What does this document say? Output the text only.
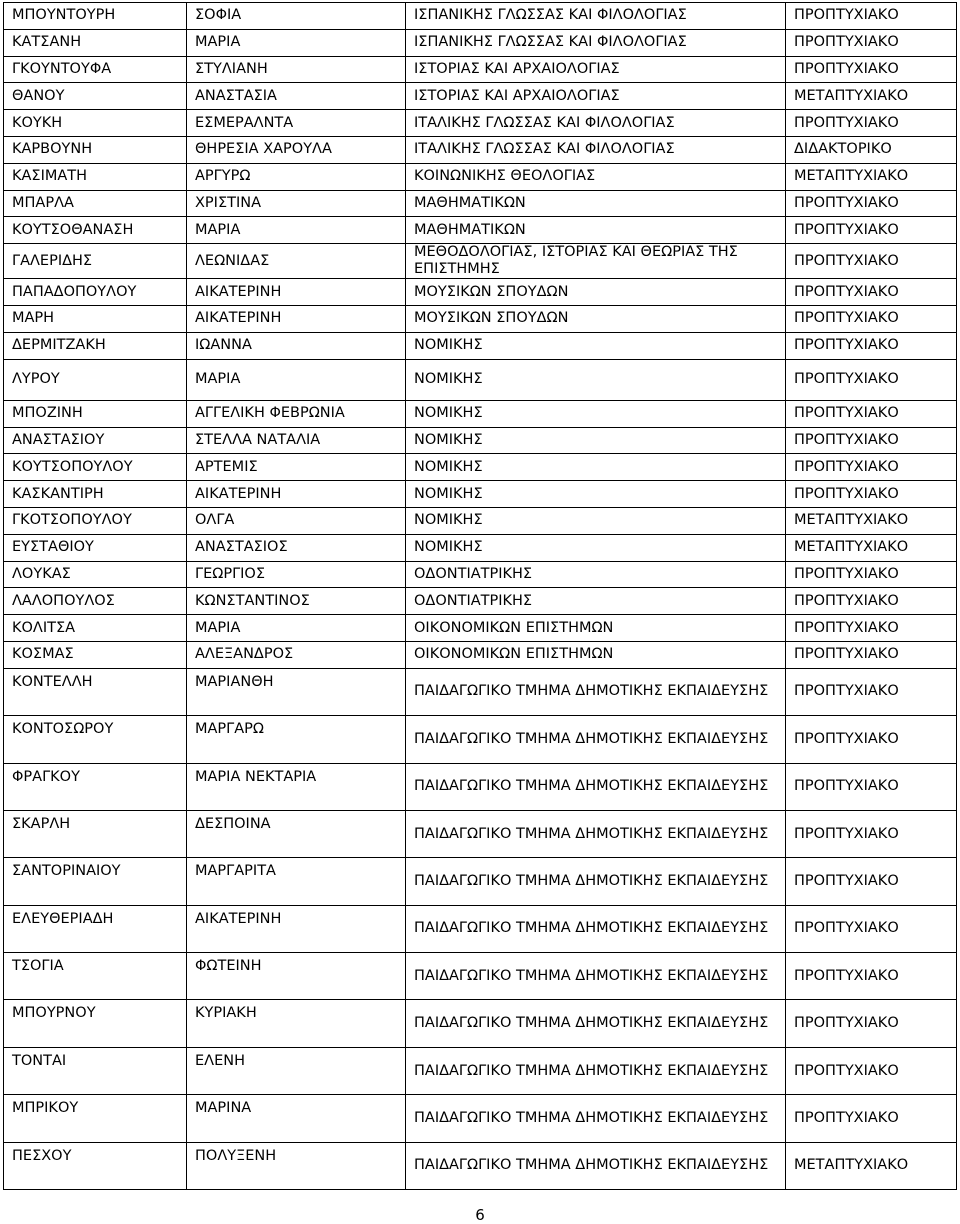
ΜΠΟΥΝΤΟΥΡΗ	ΣΟΦΙΑ	ΙΣΠΑΝΙΚΗΣ ΓΛΩΣΣΑΣ ΚΑΙ ΦΙΛΟΛΟΓΙΑΣ	ΠΡΟΠΤΥΧΙΑΚΟ
ΚΑΤΣΑΝΗ	ΜΑΡΙΑ	ΙΣΠΑΝΙΚΗΣ ΓΛΩΣΣΑΣ ΚΑΙ ΦΙΛΟΛΟΓΙΑΣ	ΠΡΟΠΤΥΧΙΑΚΟ
ΓΚΟΥΝΤΟΥΦΑ	ΣΤΥΛΙΑΝΗ	ΙΣΤΟΡΙΑΣ ΚΑΙ ΑΡΧΑΙΟΛΟΓΙΑΣ	ΠΡΟΠΤΥΧΙΑΚΟ
ΘΑΝΟΥ	ΑΝΑΣΤΑΣΙΑ	ΙΣΤΟΡΙΑΣ ΚΑΙ ΑΡΧΑΙΟΛΟΓΙΑΣ	ΜΕΤΑΠΤΥΧΙΑΚΟ
ΚΟΥΚΗ	ΕΣΜΕΡΑΛΝΤΑ	ΙΤΑΛΙΚΗΣ ΓΛΩΣΣΑΣ ΚΑΙ ΦΙΛΟΛΟΓΙΑΣ	ΠΡΟΠΤΥΧΙΑΚΟ
ΚΑΡΒΟΥΝΗ	ΘΗΡΕΣΙΑ ΧΑΡΟΥΛΑ	ΙΤΑΛΙΚΗΣ ΓΛΩΣΣΑΣ ΚΑΙ ΦΙΛΟΛΟΓΙΑΣ	ΔΙΔΑΚΤΟΡΙΚΟ
ΚΑΣΙΜΑΤΗ	ΑΡΓΥΡΩ	ΚΟΙΝΩΝΙΚΗΣ ΘΕΟΛΟΓΙΑΣ	ΜΕΤΑΠΤΥΧΙΑΚΟ
ΜΠΑΡΛΑ	ΧΡΙΣΤΙΝΑ	ΜΑΘΗΜΑΤΙΚΩΝ	ΠΡΟΠΤΥΧΙΑΚΟ
ΚΟΥΤΣΟΘΑΝΑΣΗ	ΜΑΡΙΑ	ΜΑΘΗΜΑΤΙΚΩΝ	ΠΡΟΠΤΥΧΙΑΚΟ
ΓΑΛΕΡΙΔΗΣ	ΛΕΩΝΙΔΑΣ	ΜΕΘΟΔΟΛΟΓΙΑΣ, ΙΣΤΟΡΙΑΣ ΚΑΙ ΘΕΩΡΙΑΣ ΤΗΣ ΕΠΙΣΤΗΜΗΣ	ΠΡΟΠΤΥΧΙΑΚΟ
ΠΑΠΑΔΟΠΟΥΛΟΥ	ΑΙΚΑΤΕΡΙΝΗ	ΜΟΥΣΙΚΩΝ ΣΠΟΥΔΩΝ	ΠΡΟΠΤΥΧΙΑΚΟ
ΜΑΡΗ	ΑΙΚΑΤΕΡΙΝΗ	ΜΟΥΣΙΚΩΝ ΣΠΟΥΔΩΝ	ΠΡΟΠΤΥΧΙΑΚΟ
ΔΕΡΜΙΤΖΑΚΗ	ΙΩΑΝΝΑ	ΝΟΜΙΚΗΣ	ΠΡΟΠΤΥΧΙΑΚΟ
ΛΥΡΟΥ	ΜΑΡΙΑ	ΝΟΜΙΚΗΣ	ΠΡΟΠΤΥΧΙΑΚΟ
ΜΠΟΖΙΝΗ	ΑΓΓΕΛΙΚΗ ΦΕΒΡΩΝΙΑ	ΝΟΜΙΚΗΣ	ΠΡΟΠΤΥΧΙΑΚΟ
ΑΝΑΣΤΑΣΙΟΥ	ΣΤΕΛΛΑ ΝΑΤΑΛΙΑ	ΝΟΜΙΚΗΣ	ΠΡΟΠΤΥΧΙΑΚΟ
ΚΟΥΤΣΟΠΟΥΛΟΥ	ΑΡΤΕΜΙΣ	ΝΟΜΙΚΗΣ	ΠΡΟΠΤΥΧΙΑΚΟ
ΚΑΣΚΑΝΤΙΡΗ	ΑΙΚΑΤΕΡΙΝΗ	ΝΟΜΙΚΗΣ	ΠΡΟΠΤΥΧΙΑΚΟ
ΓΚΟΤΣΟΠΟΥΛΟΥ	ΟΛΓΑ	ΝΟΜΙΚΗΣ	ΜΕΤΑΠΤΥΧΙΑΚΟ
ΕΥΣΤΑΘΙΟΥ	ΑΝΑΣΤΑΣΙΟΣ	ΝΟΜΙΚΗΣ	ΜΕΤΑΠΤΥΧΙΑΚΟ
ΛΟΥΚΑΣ	ΓΕΩΡΓΙΟΣ	ΟΔΟΝΤΙΑΤΡΙΚΗΣ	ΠΡΟΠΤΥΧΙΑΚΟ
ΛΑΛΟΠΟΥΛΟΣ	ΚΩΝΣΤΑΝΤΙΝΟΣ	ΟΔΟΝΤΙΑΤΡΙΚΗΣ	ΠΡΟΠΤΥΧΙΑΚΟ
ΚΟΛΙΤΣΑ	ΜΑΡΙΑ	ΟΙΚΟΝΟΜΙΚΩΝ ΕΠΙΣΤΗΜΩΝ	ΠΡΟΠΤΥΧΙΑΚΟ
ΚΟΣΜΑΣ	ΑΛΕΞΑΝΔΡΟΣ	ΟΙΚΟΝΟΜΙΚΩΝ ΕΠΙΣΤΗΜΩΝ	ΠΡΟΠΤΥΧΙΑΚΟ
ΚΟΝΤΕΛΛΗ	ΜΑΡΙΑΝΘΗ	ΠΑΙΔΑΓΩΓΙΚΟ ΤΜΗΜΑ ΔΗΜΟΤΙΚΗΣ ΕΚΠΑΙΔΕΥΣΗΣ	ΠΡΟΠΤΥΧΙΑΚΟ
ΚΟΝΤΟΣΩΡΟΥ	ΜΑΡΓΑΡΩ	ΠΑΙΔΑΓΩΓΙΚΟ ΤΜΗΜΑ ΔΗΜΟΤΙΚΗΣ ΕΚΠΑΙΔΕΥΣΗΣ	ΠΡΟΠΤΥΧΙΑΚΟ
ΦΡΑΓΚΟΥ	ΜΑΡΙΑ ΝΕΚΤΑΡΙΑ	ΠΑΙΔΑΓΩΓΙΚΟ ΤΜΗΜΑ ΔΗΜΟΤΙΚΗΣ ΕΚΠΑΙΔΕΥΣΗΣ	ΠΡΟΠΤΥΧΙΑΚΟ
ΣΚΑΡΛΗ	ΔΕΣΠΟΙΝΑ	ΠΑΙΔΑΓΩΓΙΚΟ ΤΜΗΜΑ ΔΗΜΟΤΙΚΗΣ ΕΚΠΑΙΔΕΥΣΗΣ	ΠΡΟΠΤΥΧΙΑΚΟ
ΣΑΝΤΟΡΙΝΑΙΟΥ	ΜΑΡΓΑΡΙΤΑ	ΠΑΙΔΑΓΩΓΙΚΟ ΤΜΗΜΑ ΔΗΜΟΤΙΚΗΣ ΕΚΠΑΙΔΕΥΣΗΣ	ΠΡΟΠΤΥΧΙΑΚΟ
ΕΛΕΥΘΕΡΙΑΔΗ	ΑΙΚΑΤΕΡΙΝΗ	ΠΑΙΔΑΓΩΓΙΚΟ ΤΜΗΜΑ ΔΗΜΟΤΙΚΗΣ ΕΚΠΑΙΔΕΥΣΗΣ	ΠΡΟΠΤΥΧΙΑΚΟ
ΤΣΟΓΙΑ	ΦΩΤΕΙΝΗ	ΠΑΙΔΑΓΩΓΙΚΟ ΤΜΗΜΑ ΔΗΜΟΤΙΚΗΣ ΕΚΠΑΙΔΕΥΣΗΣ	ΠΡΟΠΤΥΧΙΑΚΟ
ΜΠΟΥΡΝΟΥ	ΚΥΡΙΑΚΗ	ΠΑΙΔΑΓΩΓΙΚΟ ΤΜΗΜΑ ΔΗΜΟΤΙΚΗΣ ΕΚΠΑΙΔΕΥΣΗΣ	ΠΡΟΠΤΥΧΙΑΚΟ
ΤΟΝΤΑΙ	ΕΛΕΝΗ	ΠΑΙΔΑΓΩΓΙΚΟ ΤΜΗΜΑ ΔΗΜΟΤΙΚΗΣ ΕΚΠΑΙΔΕΥΣΗΣ	ΠΡΟΠΤΥΧΙΑΚΟ
ΜΠΡΙΚΟΥ	ΜΑΡΙΝΑ	ΠΑΙΔΑΓΩΓΙΚΟ ΤΜΗΜΑ ΔΗΜΟΤΙΚΗΣ ΕΚΠΑΙΔΕΥΣΗΣ	ΠΡΟΠΤΥΧΙΑΚΟ
ΠΕΣΧΟΥ	ΠΟΛΥΞΕΝΗ	ΠΑΙΔΑΓΩΓΙΚΟ ΤΜΗΜΑ ΔΗΜΟΤΙΚΗΣ ΕΚΠΑΙΔΕΥΣΗΣ	ΜΕΤΑΠΤΥΧΙΑΚΟ
6
